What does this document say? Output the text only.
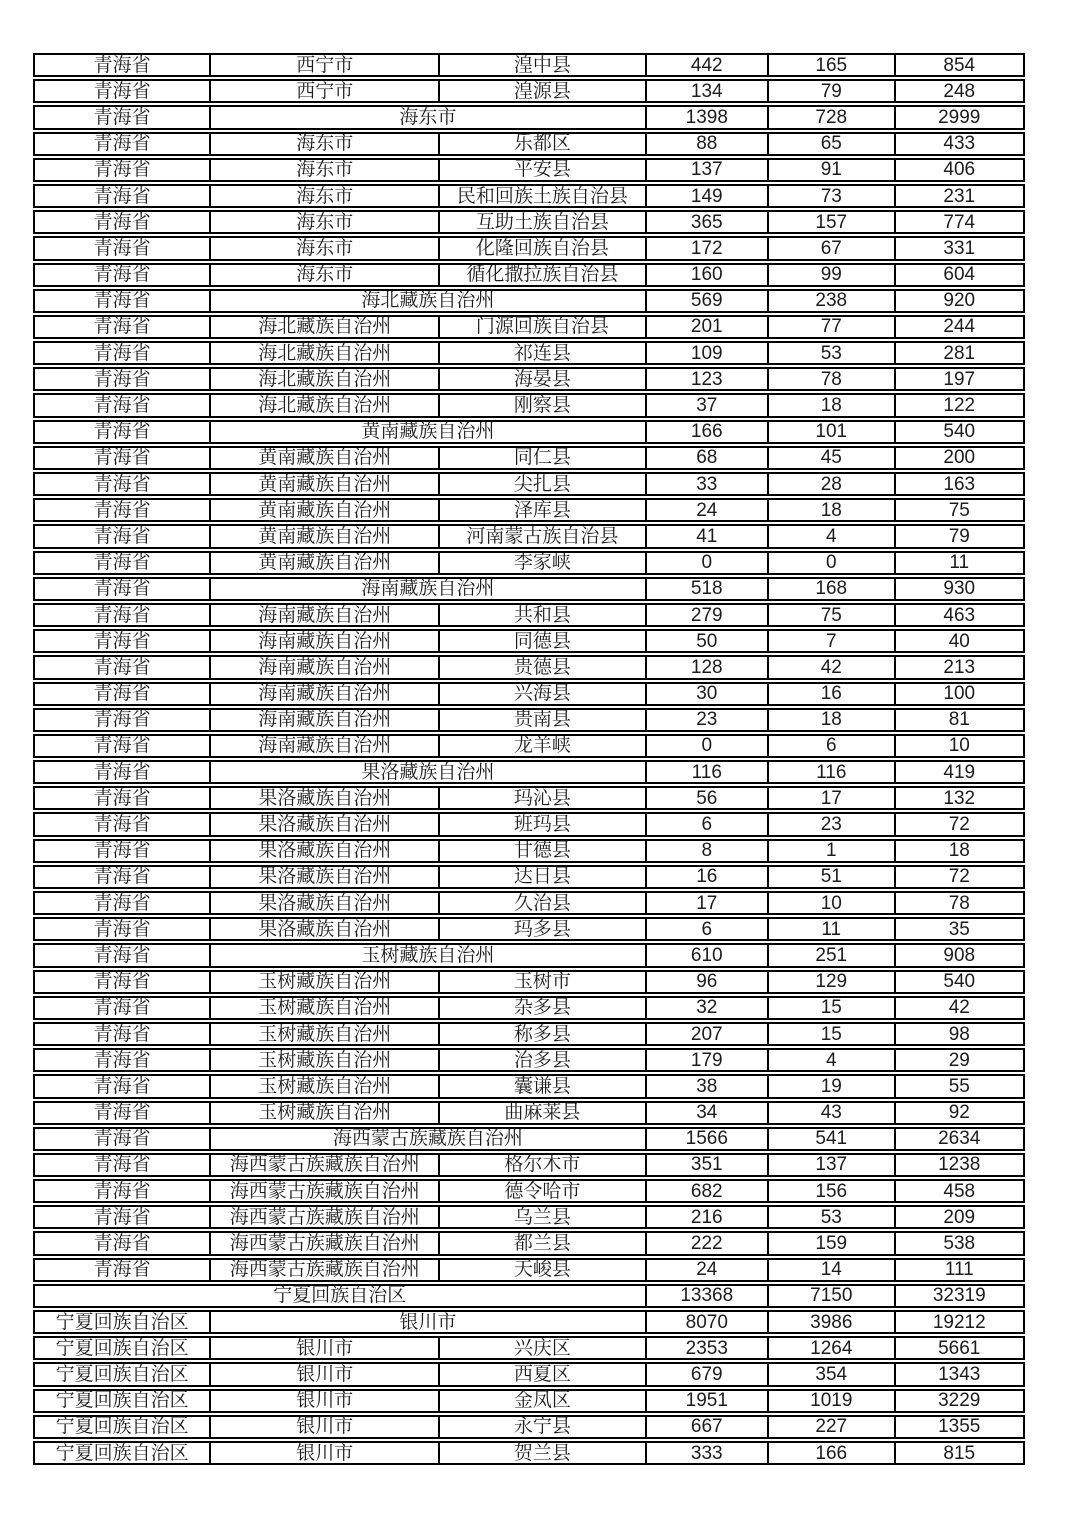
青海省	西宁市	湟中县	442	165	854
青海省	西宁市	湟源县	134	79	248
青海省	海东市	1398	728	2999
青海省	海东市	乐都区	88	65	433
青海省	海东市	平安县	137	91	406
青海省	海东市	民和回族土族自治县	149	73	231
青海省	海东市	互助土族自治县	365	157	774
青海省	海东市	化隆回族自治县	172	67	331
青海省	海东市	循化撒拉族自治县	160	99	604
青海省	海北藏族自治州	569	238	920
青海省	海北藏族自治州	门源回族自治县	201	77	244
青海省	海北藏族自治州	祁连县	109	53	281
青海省	海北藏族自治州	海晏县	123	78	197
青海省	海北藏族自治州	刚察县	37	18	122
青海省	黄南藏族自治州	166	101	540
青海省	黄南藏族自治州	同仁县	68	45	200
青海省	黄南藏族自治州	尖扎县	33	28	163
青海省	黄南藏族自治州	泽库县	24	18	75
青海省	黄南藏族自治州	河南蒙古族自治县	41	4	79
青海省	黄南藏族自治州	李家峡	0	0	11
青海省	海南藏族自治州	518	168	930
青海省	海南藏族自治州	共和县	279	75	463
青海省	海南藏族自治州	同德县	50	7	40
青海省	海南藏族自治州	贵德县	128	42	213
青海省	海南藏族自治州	兴海县	30	16	100
青海省	海南藏族自治州	贵南县	23	18	81
青海省	海南藏族自治州	龙羊峡	0	6	10
青海省	果洛藏族自治州	116	116	419
青海省	果洛藏族自治州	玛沁县	56	17	132
青海省	果洛藏族自治州	班玛县	6	23	72
青海省	果洛藏族自治州	甘德县	8	1	18
青海省	果洛藏族自治州	达日县	16	51	72
青海省	果洛藏族自治州	久治县	17	10	78
青海省	果洛藏族自治州	玛多县	6	11	35
青海省	玉树藏族自治州	610	251	908
青海省	玉树藏族自治州	玉树市	96	129	540
青海省	玉树藏族自治州	杂多县	32	15	42
青海省	玉树藏族自治州	称多县	207	15	98
青海省	玉树藏族自治州	治多县	179	4	29
青海省	玉树藏族自治州	囊谦县	38	19	55
青海省	玉树藏族自治州	曲麻莱县	34	43	92
青海省	海西蒙古族藏族自治州	1566	541	2634
青海省	海西蒙古族藏族自治州	格尔木市	351	137	1238
青海省	海西蒙古族藏族自治州	德令哈市	682	156	458
青海省	海西蒙古族藏族自治州	乌兰县	216	53	209
青海省	海西蒙古族藏族自治州	都兰县	222	159	538
青海省	海西蒙古族藏族自治州	天峻县	24	14	111
宁夏回族自治区	13368	7150	32319
宁夏回族自治区	银川市	8070	3986	19212
宁夏回族自治区	银川市	兴庆区	2353	1264	5661
宁夏回族自治区	银川市	西夏区	679	354	1343
宁夏回族自治区	银川市	金凤区	1951	1019	3229
宁夏回族自治区	银川市	永宁县	667	227	1355
宁夏回族自治区	银川市	贺兰县	333	166	815
